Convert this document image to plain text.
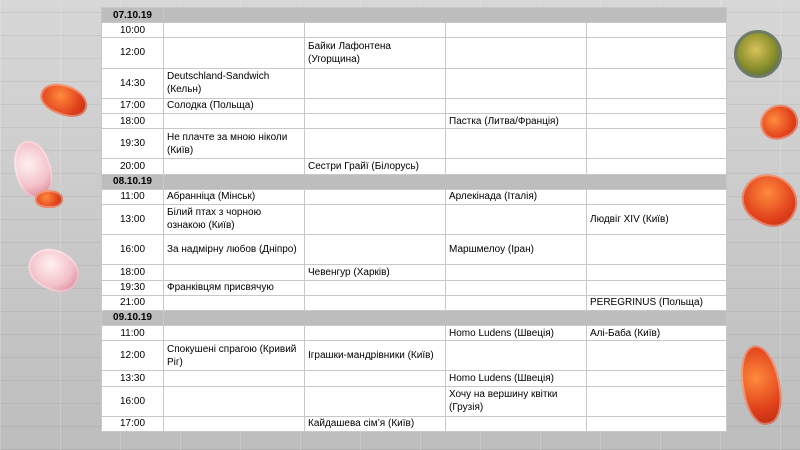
07.10.19				
10:00	

12:00		Байки Лафонтена (Угорщина)		

14:30	Deutschland-Sandwich (Кельн)			

17:00	Солодка (Польща)			

18:00			Пастка (Литва/Франція)	

19:30	Не плачте за мною ніколи (Київ)			

20:00		Сестри Грайї (Білорусь)		

08.10.19				
11:00	Абранніца (Мінськ)		Арлекінада (Італія)	

13:00	Білий птах з чорною ознакою (Київ)			Людвіг XIV (Київ)

16:00	За надмірну любов (Дніпро)		Маршмелоу (Іран)	

18:00		Чевенгур (Харків)		

19:30	Франківцям присвячую			

21:00				PEREGRINUS (Польща)

09.10.19				
11:00			Homo Ludens (Швеція)	Алі-Баба (Київ)

12:00	Спокушені спрагою (Кривий Ріг)	Іграшки-мандрівники (Київ)		

13:30			Homo Ludens (Швеція)	

16:00			Хочу на вершину квітки (Грузія)	

17:00		Кайдашева сім’я (Київ)		
